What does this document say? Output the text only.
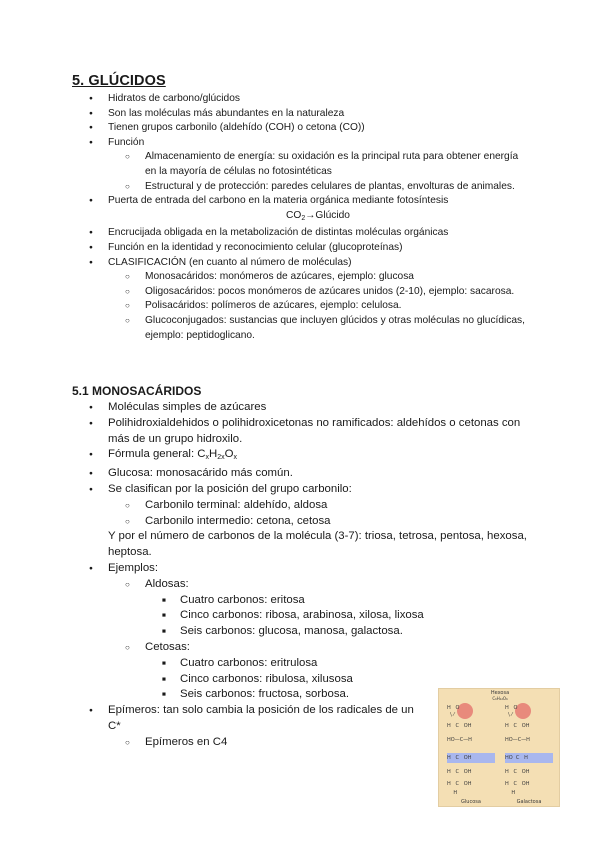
5. GLÚCIDOS
● Hidratos de carbono/glúcidos
● Son las moléculas más abundantes en la naturaleza
● Tienen grupos carbonilo (aldehído (COH) o cetona (CO))
● Función
○ Almacenamiento de energía: su oxidación es la principal ruta para obtener energía en la mayoría de células no fotosintéticas
○ Estructural y de protección: paredes celulares de plantas, envolturas de animales.
● Puerta de entrada del carbono en la materia orgánica mediante fotosíntesis
$CO_2\to Glúcido$
● Encrucijada obligada en la metabolización de distintas moléculas orgánicas
● Función en la identidad y reconocimiento celular (glucoproteínas)
● CLASIFICACIÓN (en cuanto al número de moléculas)
○ Monosacáridos: monómeros de azúcares, ejemplo: glucosa
○ Oligosacáridos: pocos monómeros de azúcares unidos (2-10), ejemplo: sacarosa.
○ Polisacáridos: polímeros de azúcares, ejemplo: celulosa.
○ Glucoconjugados: sustancias que incluyen glúcidos y otras moléculas no glucídicas, ejemplo: peptidoglicano.
5.1 MONOSACÁRIDOS
● Moléculas simples de azúcares
● Polihidroxialdehidos o polihidroxicetonas no ramificados: aldehídos o cetonas con más de un grupo hidroxilo.
● Fórmula general: $C_xH_{2x}O_x$
● Glucosa: monosacárido más común.
● Se clasifican por la posición del grupo carbonilo:
○ Carbonilo terminal: aldehído, aldosa
○ Carbonilo intermedio: cetona, cetosa
Y por el número de carbonos de la molécula (3-7): triosa, tetrosa, pentosa, hexosa, heptosa.
● Ejemplos:
○ Aldosas:
■ Cuatro carbonos: eritosa
■ Cinco carbonos: ribosa, arabinosa, xilosa, lixosa
■ Seis carbonos: glucosa, manosa, galactosa.
○ Cetosas:
■ Cuatro carbonos: eritrulosa
■ Cinco carbonos: ribulosa, xilusosa
■ Seis carbonos: fructosa, sorbosa.
● Epímeros: tan solo cambia la posición de los radicales de un C*
○ Epímeros en C4
Hexosa
C₆H₁₂O₆
H   O
\ ⁄
H   C   OH
HO—C—H
H   C   OH
H   C   OH
H   C   OH
H
Glucosa
H   O
\ ⁄
H   C   OH
HO—C—H
HO  C   H
H   C   OH
H   C   OH
H
Galactosa
